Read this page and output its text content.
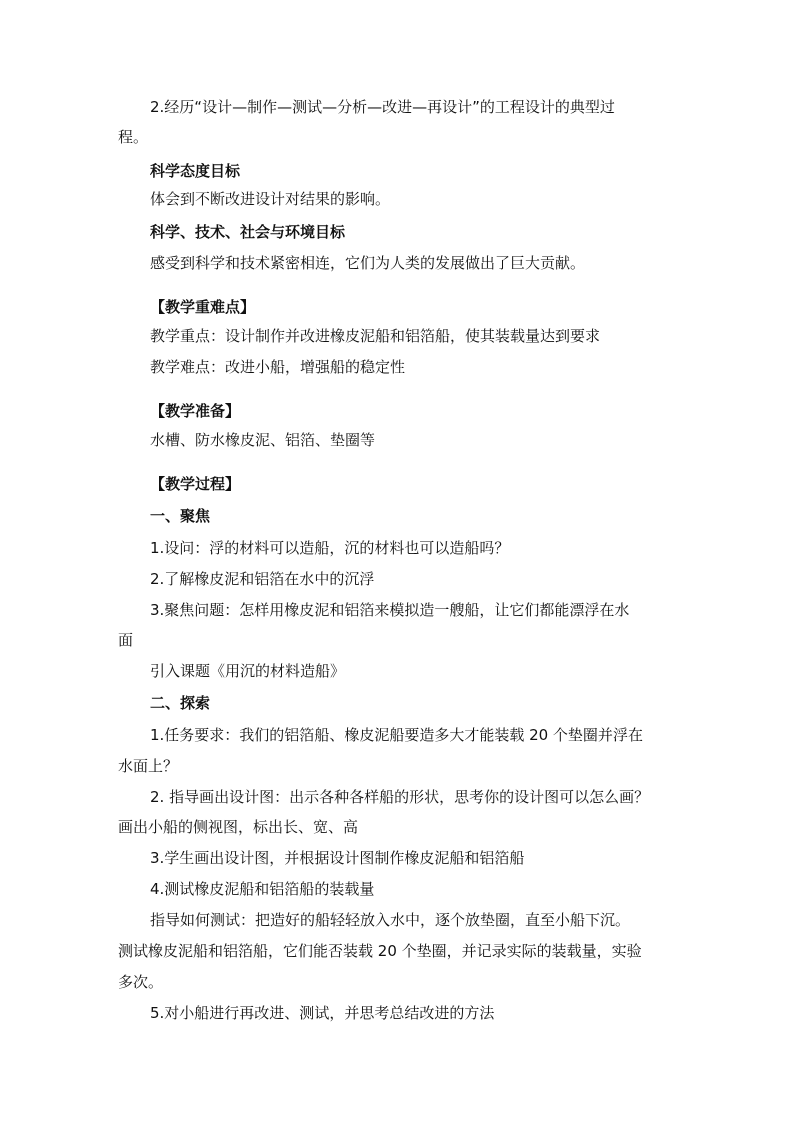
2.经历“设计—制作—测试—分析—改进—再设计”的工程设计的典型过
程。
科学态度目标
体会到不断改进设计对结果的影响。
科学、技术、社会与环境目标
感受到科学和技术紧密相连，它们为人类的发展做出了巨大贡献。
【教学重难点】
教学重点：设计制作并改进橡皮泥船和铝箔船，使其装载量达到要求
教学难点：改进小船，增强船的稳定性
【教学准备】
水槽、防水橡皮泥、铝箔、垫圈等
【教学过程】
一、聚焦
1.设问：浮的材料可以造船，沉的材料也可以造船吗？
2.了解橡皮泥和铝箔在水中的沉浮
3.聚焦问题：怎样用橡皮泥和铝箔来模拟造一艘船，让它们都能漂浮在水
面
引入课题《用沉的材料造船》
二、探索
1.任务要求：我们的铝箔船、橡皮泥船要造多大才能装载 20 个垫圈并浮在
水面上？
2. 指导画出设计图：出示各种各样船的形状，思考你的设计图可以怎么画？
画出小船的侧视图，标出长、宽、高
3.学生画出设计图，并根据设计图制作橡皮泥船和铝箔船
4.测试橡皮泥船和铝箔船的装载量
指导如何测试：把造好的船轻轻放入水中，逐个放垫圈，直至小船下沉。
测试橡皮泥船和铝箔船，它们能否装载 20 个垫圈，并记录实际的装载量，实验
多次。
5.对小船进行再改进、测试，并思考总结改进的方法
